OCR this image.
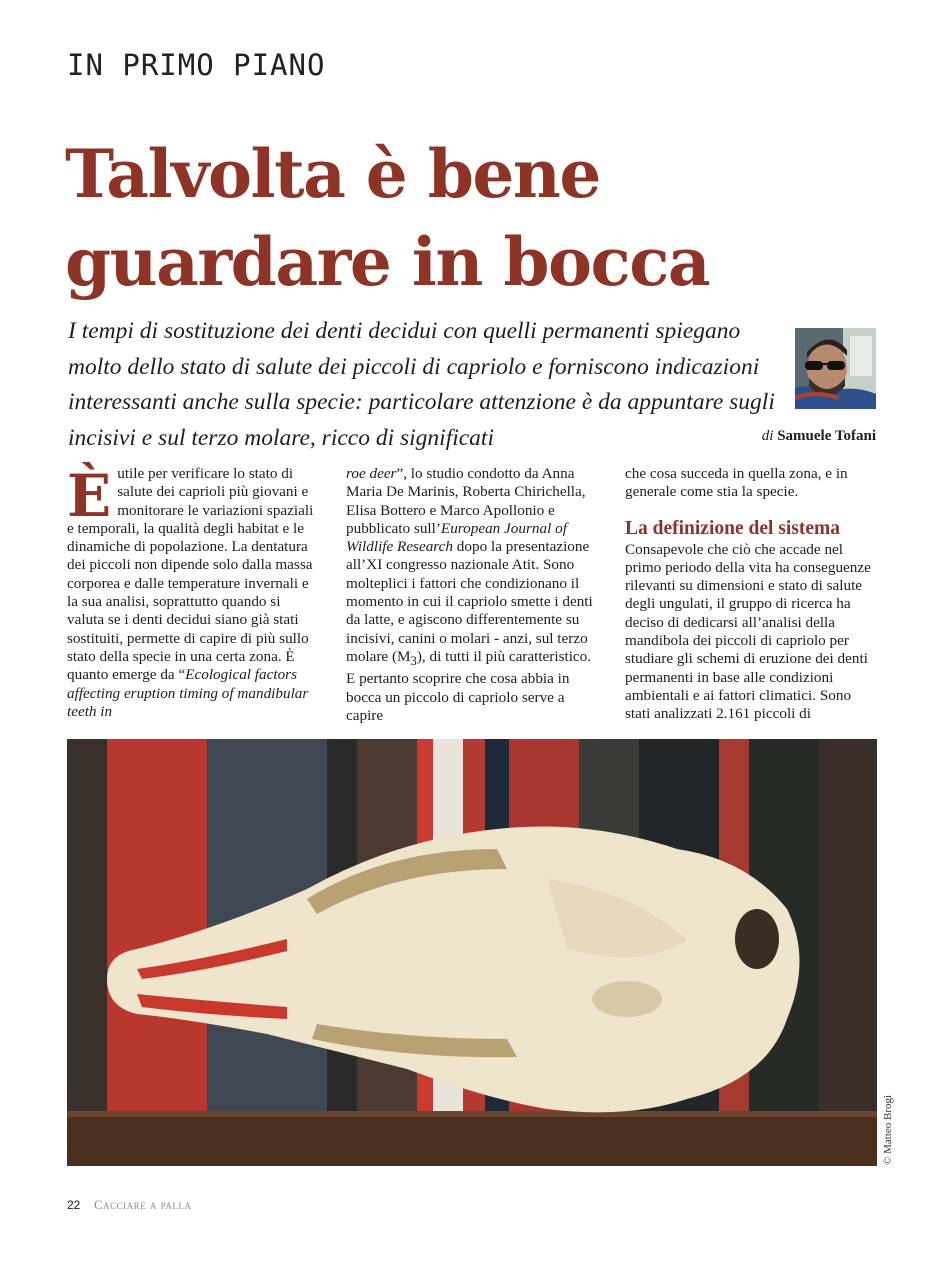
IN PRIMO PIANO
Talvolta è bene guardare in bocca
I tempi di sostituzione dei denti decidui con quelli permanenti spiegano molto dello stato di salute dei piccoli di capriolo e forniscono indicazioni interessanti anche sulla specie: particolare attenzione è da appuntare sugli incisivi e sul terzo molare, ricco di significati	di Samuele Tofani

È utile per verificare lo stato di salute dei caprioli più giovani e monitorare le variazioni spaziali e temporali, la qualità degli habitat e le dinamiche di popolazione. La dentatura dei piccoli non dipende solo dalla massa corporea e dalle temperature invernali e la sua analisi, soprattutto quando si valuta se i denti decidui siano già stati sostituiti, permette di capire di più sullo stato della specie in una certa zona. È quanto emerge da “Ecological factors affecting eruption timing of mandibular teeth in

roe deer”, lo studio condotto da Anna Maria De Marinis, Roberta Chirichella, Elisa Bottero e Marco Apollonio e pubblicato sull’European Journal of Wildlife Research dopo la presentazione all’XI congresso nazionale Atit. Sono molteplici i fattori che condizionano il momento in cui il capriolo smette i denti da latte, e agiscono differentemente su incisivi, canini o molari - anzi, sul terzo molare $(M_3)$, di tutti il più caratteristico. E pertanto scoprire che cosa abbia in bocca un piccolo di capriolo serve a capire

che cosa succeda in quella zona, e in generale come stia la specie.

La definizione del sistema

Consapevole che ciò che accade nel primo periodo della vita ha conseguenze rilevanti su dimensioni e stato di salute degli ungulati, il gruppo di ricerca ha deciso di dedicarsi all’analisi della mandibola dei piccoli di capriolo per studiare gli schemi di eruzione dei denti permanenti in base alle condizioni ambientali e ai fattori climatici. Sono stati analizzati 2.161 piccoli di

© Matteo Brogi
22 Cacciare a palla
